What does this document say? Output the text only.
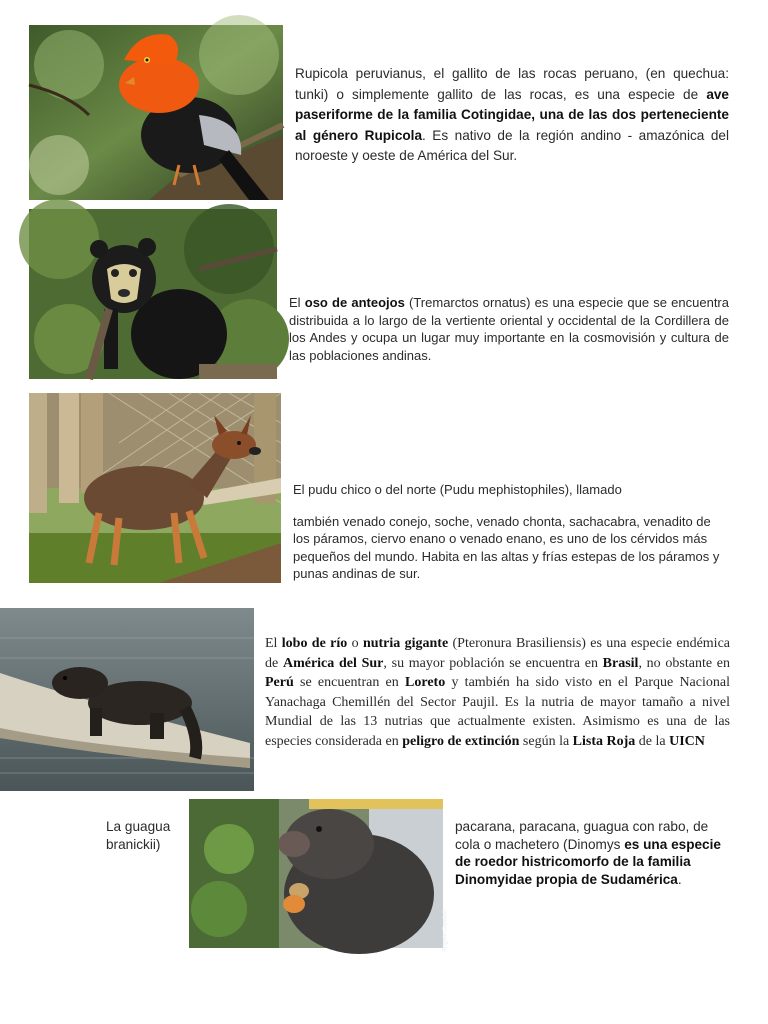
Rupicola peruvianus, el gallito de las rocas peruano, (en quechua: tunki) o simplemente gallito de las rocas, es una especie de ave paseriforme de la familia Cotingidae, una de las dos perteneciente al género Rupicola. Es nativo de la región andino - amazónica del noroeste y oeste de América del Sur.
El oso de anteojos (Tremarctos ornatus) es una especie que se encuentra distribuida a lo largo de la vertiente oriental y occidental de la Cordillera de los Andes y ocupa un lugar muy importante en la cosmovisión y cultura de las poblaciones andinas.
El pudu chico o del norte (Pudu mephistophiles), llamado
también venado conejo, soche, venado chonta, sachacabra, venadito de los páramos, ciervo enano o venado enano, es uno de los cérvidos más pequeños del mundo. Habita en las altas y frías estepas de los páramos y punas andinas de sur.
El lobo de río o nutria gigante (Pteronura Brasiliensis) es una especie endémica de América del Sur, su mayor población se encuentra en Brasil, no obstante en Perú se encuentran en Loreto y también ha sido visto en el Parque Nacional Yanachaga Chemillén del Sector Paujil. Es la nutria de mayor tamaño a nivel Mundial de las 13 nutrias que actualmente existen. Asimismo es una de las especies considerada en peligro de extinción según la Lista Roja de la UICN
La guagua branickii)
Angelo Gandolfi
pacarana, paracana, guagua con rabo, de cola o machetero (Dinomys es una especie de roedor histricomorfo de la familia Dinomyidae propia de Sudamérica.
